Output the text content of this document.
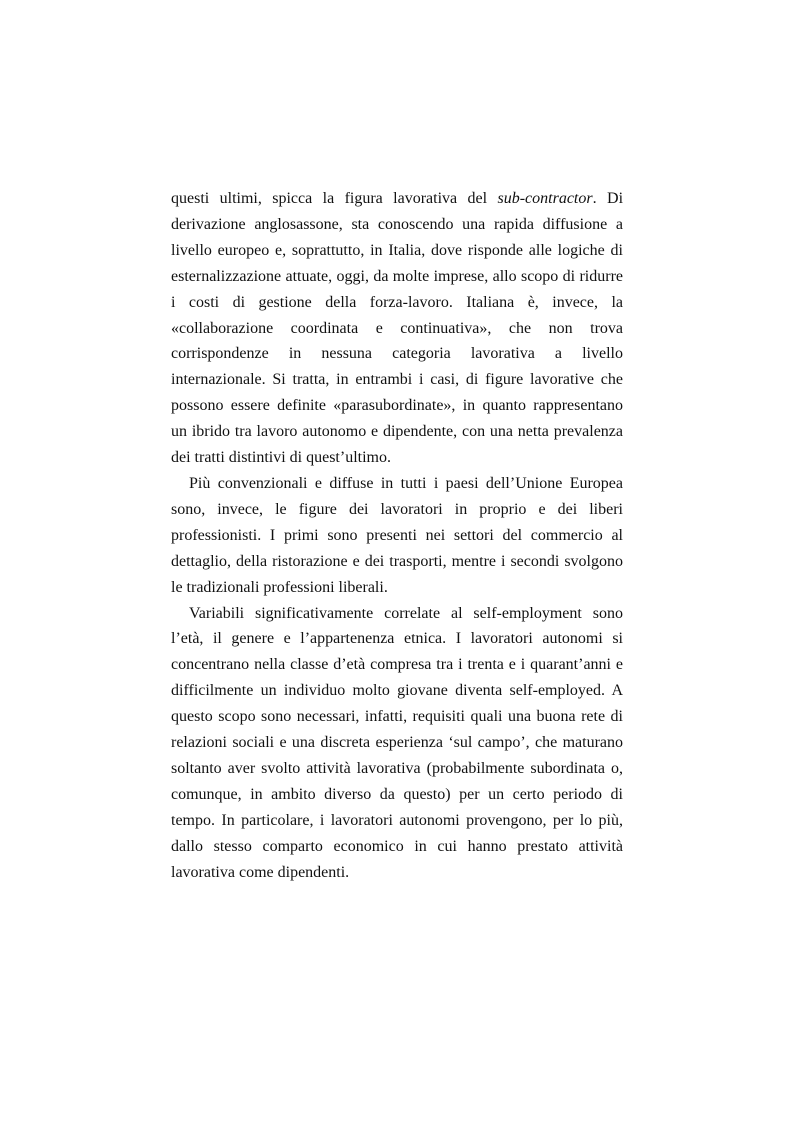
questi ultimi, spicca la figura lavorativa del sub-contractor. Di derivazione anglosassone, sta conoscendo una rapida diffusione a livello europeo e, soprattutto, in Italia, dove risponde alle logiche di esternalizzazione attuate, oggi, da molte imprese, allo scopo di ridurre i costi di gestione della forza-lavoro. Italiana è, invece, la «collaborazione coordinata e continuativa», che non trova corrispondenze in nessuna categoria lavorativa a livello internazionale. Si tratta, in entrambi i casi, di figure lavorative che possono essere definite «parasubordinate», in quanto rappresentano un ibrido tra lavoro autonomo e dipendente, con una netta prevalenza dei tratti distintivi di quest’ultimo.

Più convenzionali e diffuse in tutti i paesi dell’Unione Europea sono, invece, le figure dei lavoratori in proprio e dei liberi professionisti. I primi sono presenti nei settori del commercio al dettaglio, della ristorazione e dei trasporti, mentre i secondi svolgono le tradizionali professioni liberali.

Variabili significativamente correlate al self-employment sono l’età, il genere e l’appartenenza etnica. I lavoratori autonomi si concentrano nella classe d’età compresa tra i trenta e i quarant’anni e difficilmente un individuo molto giovane diventa self-employed. A questo scopo sono necessari, infatti, requisiti quali una buona rete di relazioni sociali e una discreta esperienza ‘sul campo’, che maturano soltanto aver svolto attività lavorativa (probabilmente subordinata o, comunque, in ambito diverso da questo) per un certo periodo di tempo. In particolare, i lavoratori autonomi provengono, per lo più, dallo stesso comparto economico in cui hanno prestato attività lavorativa come dipendenti.
